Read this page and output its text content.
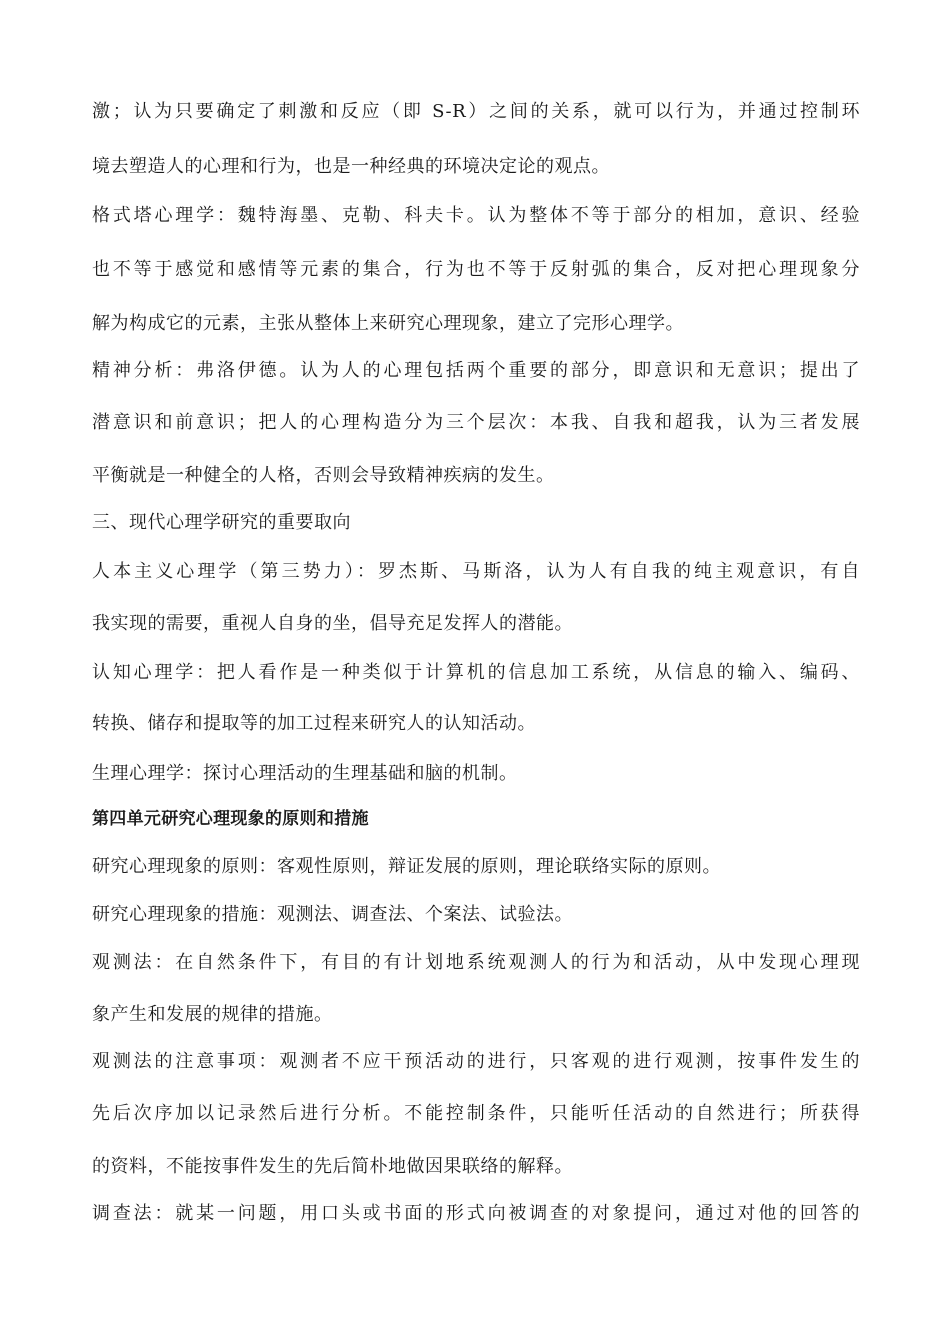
激；认为只要确定了刺激和反应（即 S-R）之间的关系，就可以行为，并通过控制环
境去塑造人的心理和行为，也是一种经典的环境决定论的观点。
格式塔心理学：魏特海墨、克勒、科夫卡。认为整体不等于部分的相加，意识、经验
也不等于感觉和感情等元素的集合，行为也不等于反射弧的集合，反对把心理现象分
解为构成它的元素，主张从整体上来研究心理现象，建立了完形心理学。
精神分析：弗洛伊德。认为人的心理包括两个重要的部分，即意识和无意识；提出了
潜意识和前意识；把人的心理构造分为三个层次：本我、自我和超我，认为三者发展
平衡就是一种健全的人格，否则会导致精神疾病的发生。
三、现代心理学研究的重要取向
人本主义心理学（第三势力）：罗杰斯、马斯洛，认为人有自我的纯主观意识，有自
我实现的需要，重视人自身的坐，倡导充足发挥人的潜能。
认知心理学：把人看作是一种类似于计算机的信息加工系统，从信息的输入、编码、
转换、储存和提取等的加工过程来研究人的认知活动。
生理心理学：探讨心理活动的生理基础和脑的机制。
第四单元研究心理现象的原则和措施
研究心理现象的原则：客观性原则，辩证发展的原则，理论联络实际的原则。
研究心理现象的措施：观测法、调查法、个案法、试验法。
观测法：在自然条件下，有目的有计划地系统观测人的行为和活动，从中发现心理现
象产生和发展的规律的措施。
观测法的注意事项：观测者不应干预活动的进行，只客观的进行观测，按事件发生的
先后次序加以记录然后进行分析。不能控制条件，只能听任活动的自然进行；所获得
的资料，不能按事件发生的先后简朴地做因果联络的解释。
调查法：就某一问题，用口头或书面的形式向被调查的对象提问，通过对他的回答的
